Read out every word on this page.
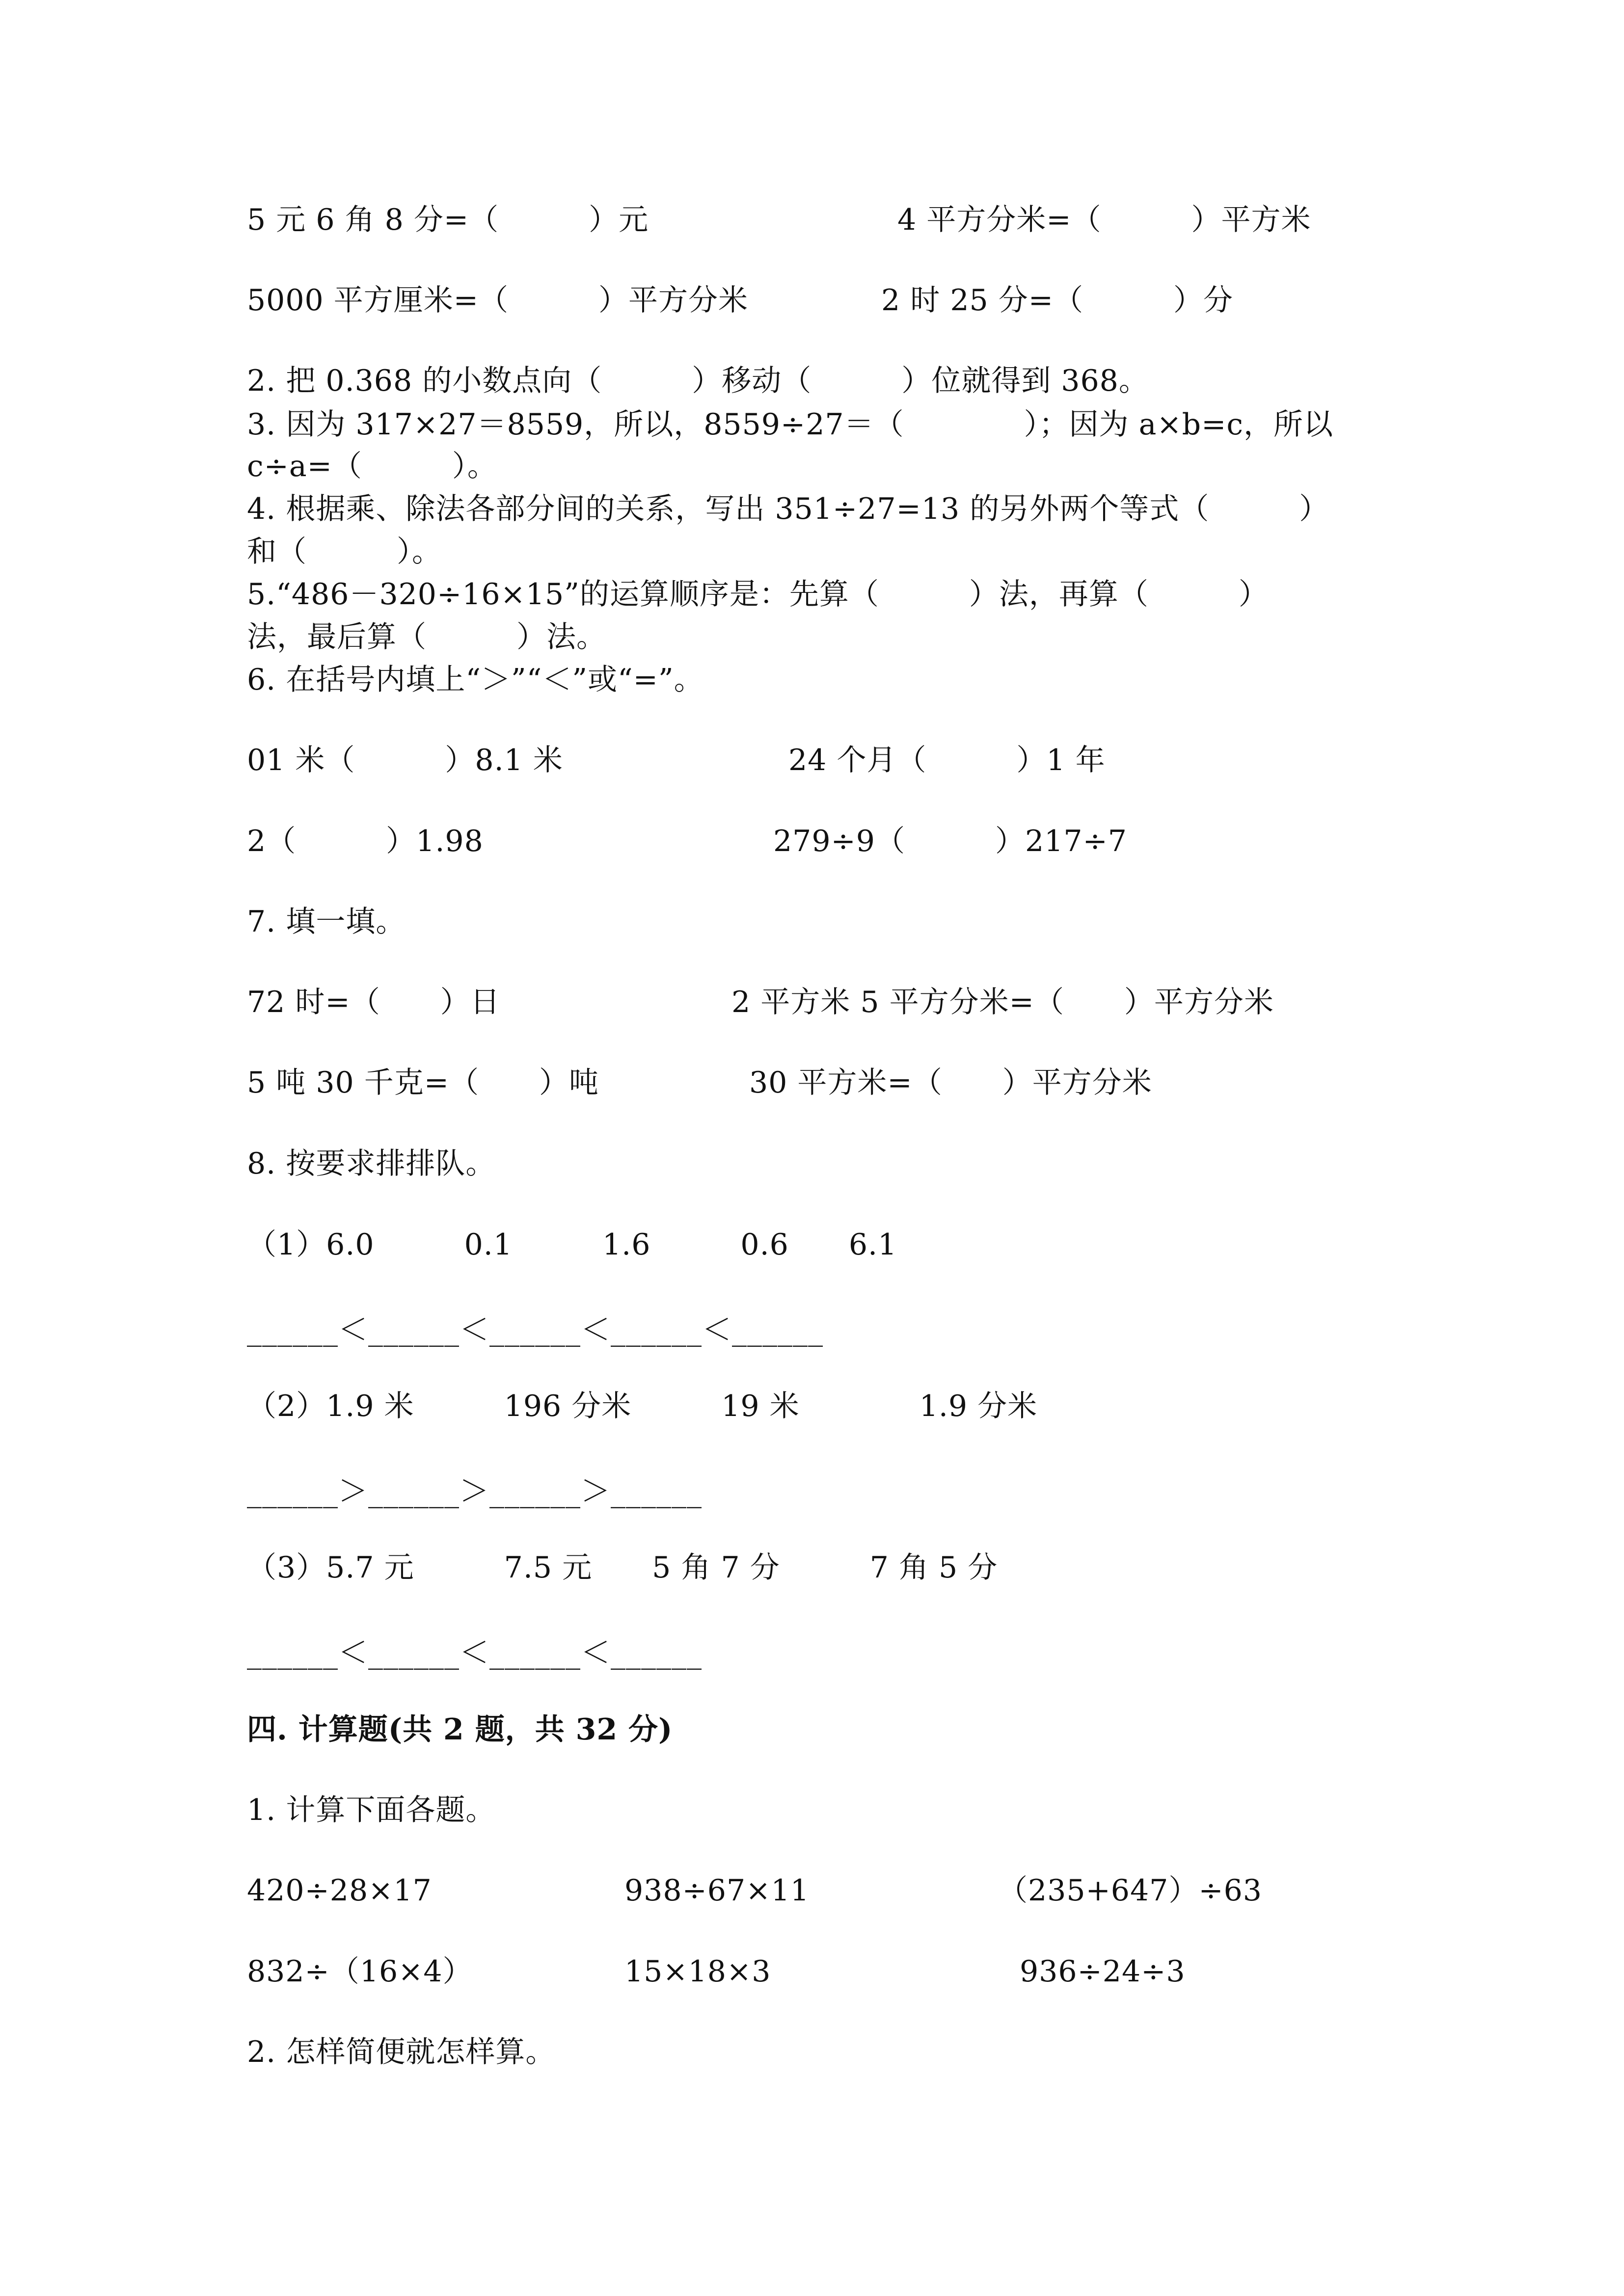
5 元 6 角 8 分=（　　　）元	4 平方分米=（　　　）平方米
5000 平方厘米=（　　　）平方分米	2 时 25 分=（　　　）分
2. 把 0.368 的小数点向（　　　）移动（　　　）位就得到 368。
3. 因为 317×27＝8559，所以，8559÷27＝（　　　　）；因为 a×b=c，所以
c÷a=（　　　）。
4. 根据乘、除法各部分间的关系，写出 351÷27=13 的另外两个等式（　　　）
和（　　　）。
5.“486－320÷16×15”的运算顺序是：先算（　　　）法，再算（　　　）
法，最后算（　　　）法。
6. 在括号内填上“＞”“＜”或“=”。
01 米（　　　）8.1 米	24 个月（　　　）1 年
2（　　　）1.98	279÷9（　　　）217÷7
7. 填一填。
72 时=（　　）日	2 平方米 5 平方分米=（　　）平方分米
5 吨 30 千克=（　　）吨	30 平方米=（　　）平方分米
8. 按要求排排队。
（1）6.0　　　0.1　　　1.6　　　0.6　　6.1
______＜______＜______＜______＜______
（2）1.9 米　　　196 分米　　　19 米　　　　1.9 分米
______＞______＞______＞______
（3）5.7 元　　　7.5 元　　5 角 7 分　　　7 角 5 分
______＜______＜______＜______
四. 计算题(共 2 题，共 32 分)
1. 计算下面各题。
420÷28×17	938÷67×11	（235+647）÷63
832÷（16×4）	15×18×3	936÷24÷3
2. 怎样简便就怎样算。
